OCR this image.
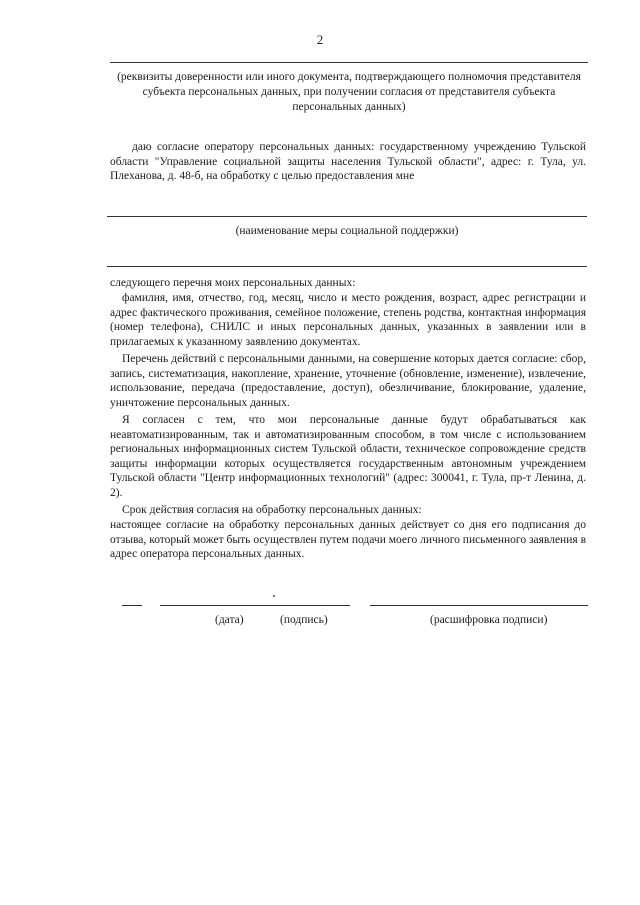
2
(реквизиты доверенности или иного документа, подтверждающего полномочия представителя субъекта персональных данных, при получении согласия от представителя субъекта персональных данных)

даю согласие оператору персональных данных: государственному учреждению Тульской области "Управление социальной защиты населения Тульской области", адрес: г. Тула, ул. Плеханова, д. 48-б, на обработку с целью предоставления мне

(наименование меры социальной поддержки)

следующего перечня моих персональных данных:

фамилия, имя, отчество, год, месяц, число и место рождения, возраст, адрес регистрации и адрес фактического проживания, семейное положение, степень родства, контактная информация (номер телефона), СНИЛС и иных персональных данных, указанных в заявлении или в прилагаемых к указанному заявлению документах.

Перечень действий с персональными данными, на совершение которых дается согласие: сбор, запись, систематизация, накопление, хранение, уточнение (обновление, изменение), извлечение, использование, передача (предоставление, доступ), обезличивание, блокирование, удаление, уничтожение персональных данных.

Я согласен с тем, что мои персональные данные будут обрабатываться как неавтоматизированным, так и автоматизированным способом, в том числе с использованием региональных информационных систем Тульской области, техническое сопровождение средств защиты информации которых осуществляется государственным автономным учреждением Тульской области "Центр информационных технологий" (адрес: 300041, г. Тула, пр-т Ленина, д. 2).

Срок действия согласия на обработку персональных данных:

настоящее согласие на обработку персональных данных действует со дня его подписания до отзыва, который может быть осуществлен путем подачи моего личного письменного заявления в адрес оператора персональных данных.

(дата)	(подпись)	(расшифровка подписи)
